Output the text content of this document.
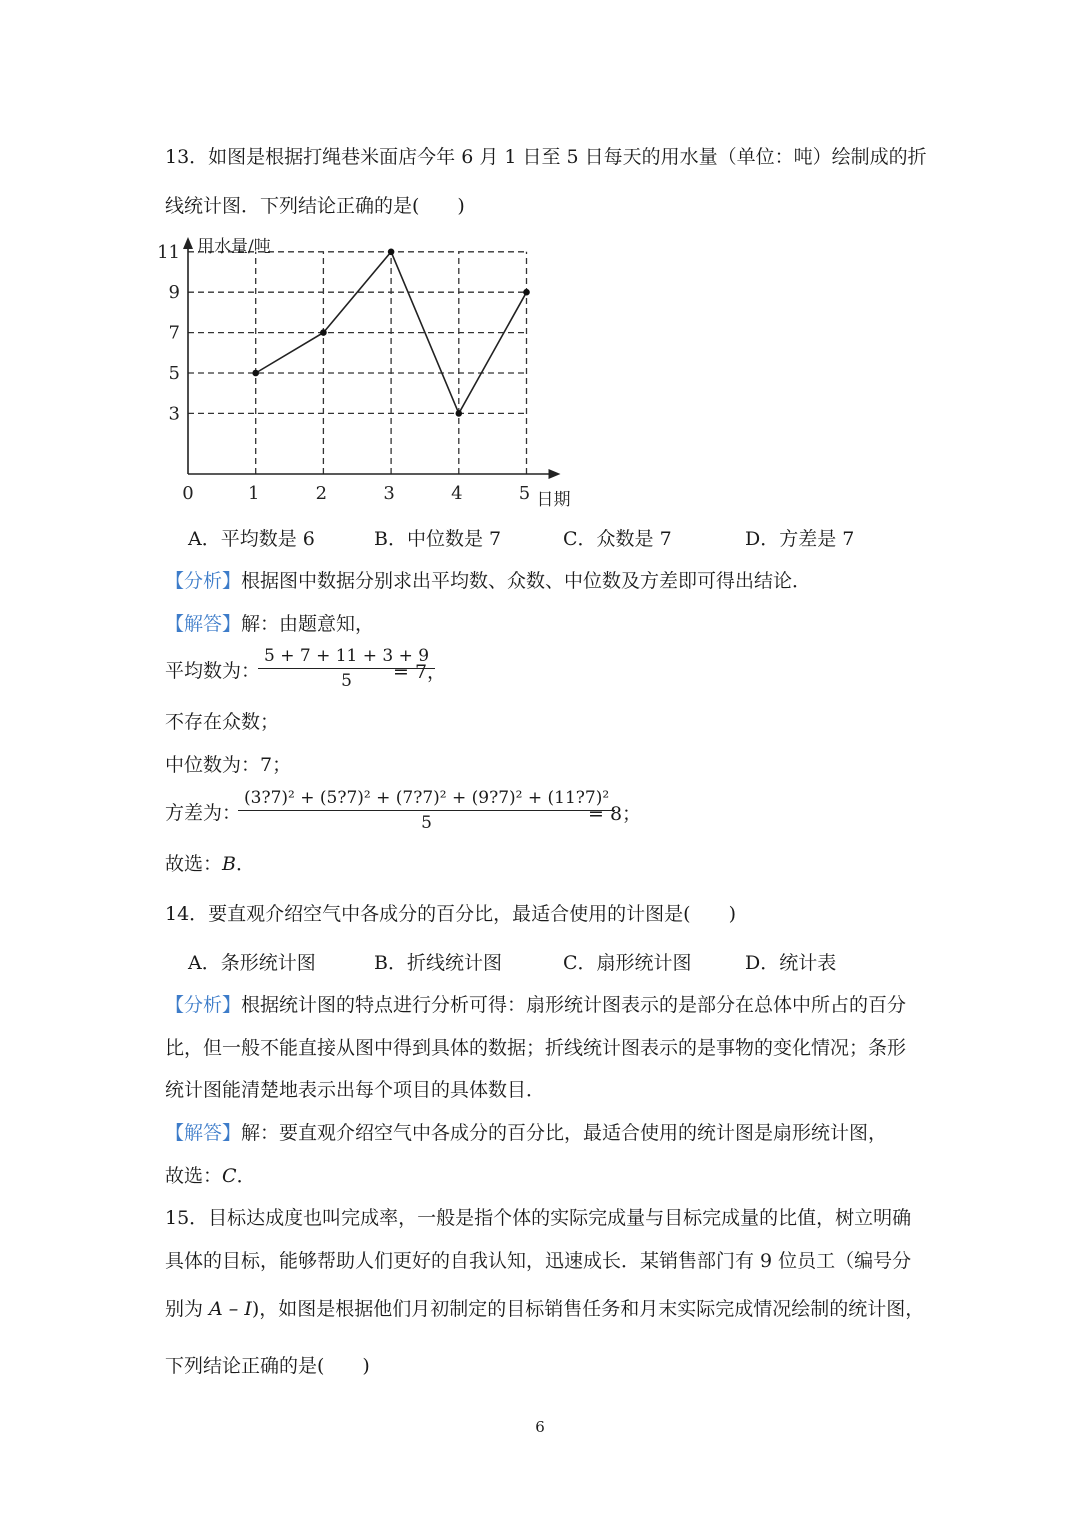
13．如图是根据打绳巷米面店今年 6 月 1 日至 5 日每天的用水量（单位：吨）绘制成的折
线统计图．下列结论正确的是(　　)
3
5
7
9
11
1	2	3	4	5
0
用水量/吨
日期
A．平均数是 6	B．中位数是 7	C．众数是 7	D．方差是 7
【分析】根据图中数据分别求出平均数、众数、中位数及方差即可得出结论．
【解答】解：由题意知，
平均数为：
$\frac{5 + 7 + 11 + 3 + 9}{5}$
= 7，
不存在众数；
中位数为：7；
方差为：
$\frac{\text{(3?7)² + (5?7)² + (7?7)² + (9?7)² + (11?7)²}}{5}$
= 8；
故选：B．
14．要直观介绍空气中各成分的百分比，最适合使用的计图是(　　)
A．条形统计图	B．折线统计图	C．扇形统计图	D．统计表
【分析】根据统计图的特点进行分析可得：扇形统计图表示的是部分在总体中所占的百分
比，但一般不能直接从图中得到具体的数据；折线统计图表示的是事物的变化情况；条形
统计图能清楚地表示出每个项目的具体数目．
【解答】解：要直观介绍空气中各成分的百分比，最适合使用的统计图是扇形统计图，
故选：C．
15．目标达成度也叫完成率，一般是指个体的实际完成量与目标完成量的比值，树立明确
具体的目标，能够帮助人们更好的自我认知，迅速成长．某销售部门有 9 位员工（编号分
别为 A – I)，如图是根据他们月初制定的目标销售任务和月末实际完成情况绘制的统计图，
下列结论正确的是(　　)
6
